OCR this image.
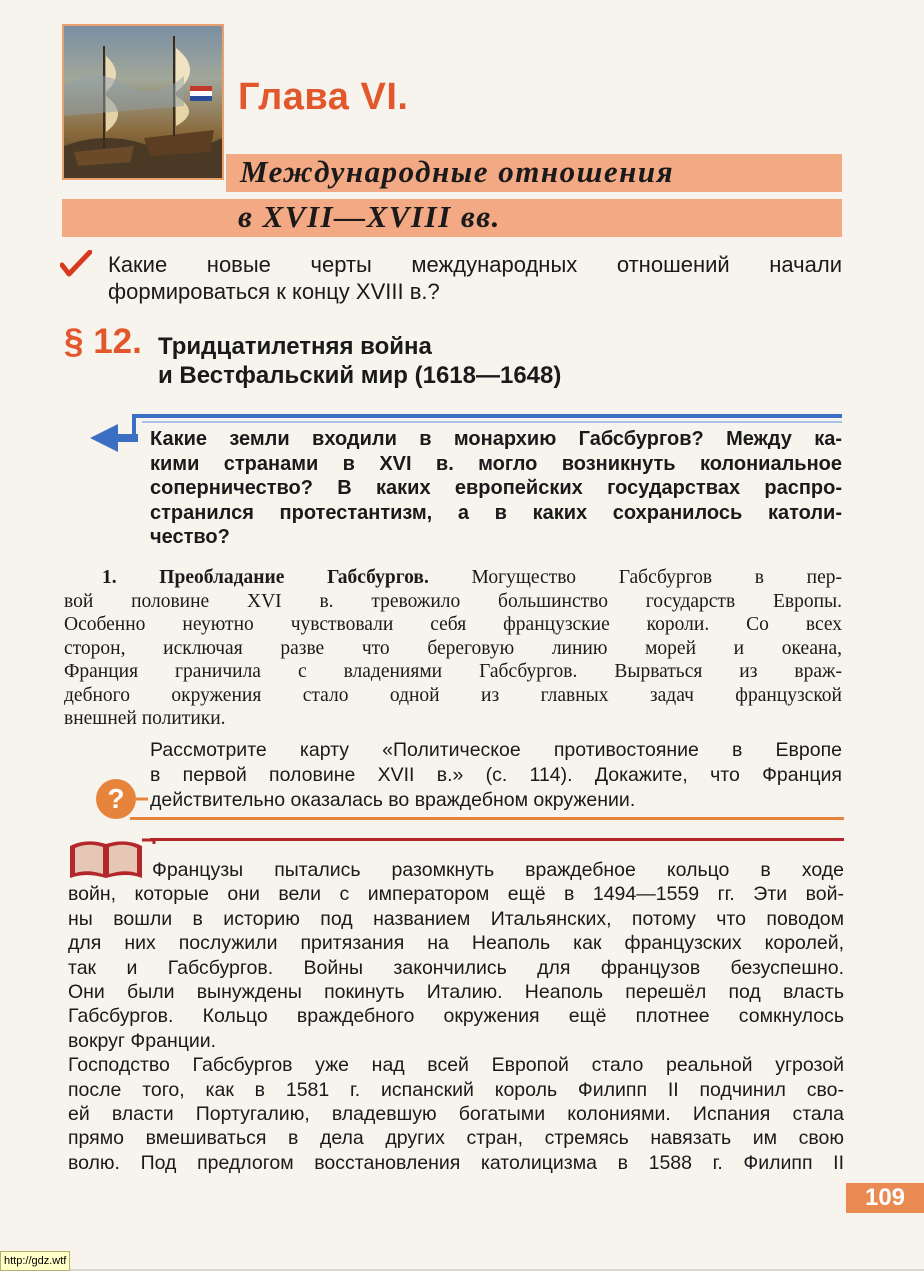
Глава VI.
Международные отношения
в XVII—XVIII вв.
Какие новые черты международных отношений начали
формироваться к концу XVIII в.?
§ 12. Тридцатилетняя война
и Вестфальский мир (1618—1648)
Какие земли входили в монархию Габсбургов? Между ка-
кими странами в XVI в. могло возникнуть колониальное
соперничество? В каких европейских государствах распро-
странился протестантизм, а в каких сохранилось католи-
чество?
1. Преобладание Габсбургов. Могущество Габсбургов в пер-
вой половине XVI в. тревожило большинство государств Европы.
Особенно неуютно чувствовали себя французские короли. Со всех
сторон, исключая разве что береговую линию морей и океана,
Франция граничила с владениями Габсбургов. Вырваться из враж-
дебного окружения стало одной из главных задач французской
внешней политики.
Рассмотрите карту «Политическое противостояние в Европе
в первой половине XVII в.» (с. 114). Докажите, что Франция
действительно оказалась во враждебном окружении.
?
Французы пытались разомкнуть враждебное кольцо в ходе
войн, которые они вели с императором ещё в 1494—1559 гг. Эти вой-
ны вошли в историю под названием Итальянских, потому что поводом
для них послужили притязания на Неаполь как французских королей,
так и Габсбургов. Войны закончились для французов безуспешно.
Они были вынуждены покинуть Италию. Неаполь перешёл под власть
Габсбургов. Кольцо враждебного окружения ещё плотнее сомкнулось
вокруг Франции.
Господство Габсбургов уже над всей Европой стало реальной угрозой
после того, как в 1581 г. испанский король Филипп II подчинил сво-
ей власти Португалию, владевшую богатыми колониями. Испания стала
прямо вмешиваться в дела других стран, стремясь навязать им свою
волю. Под предлогом восстановления католицизма в 1588 г. Филипп II
109
http://gdz.wtf
